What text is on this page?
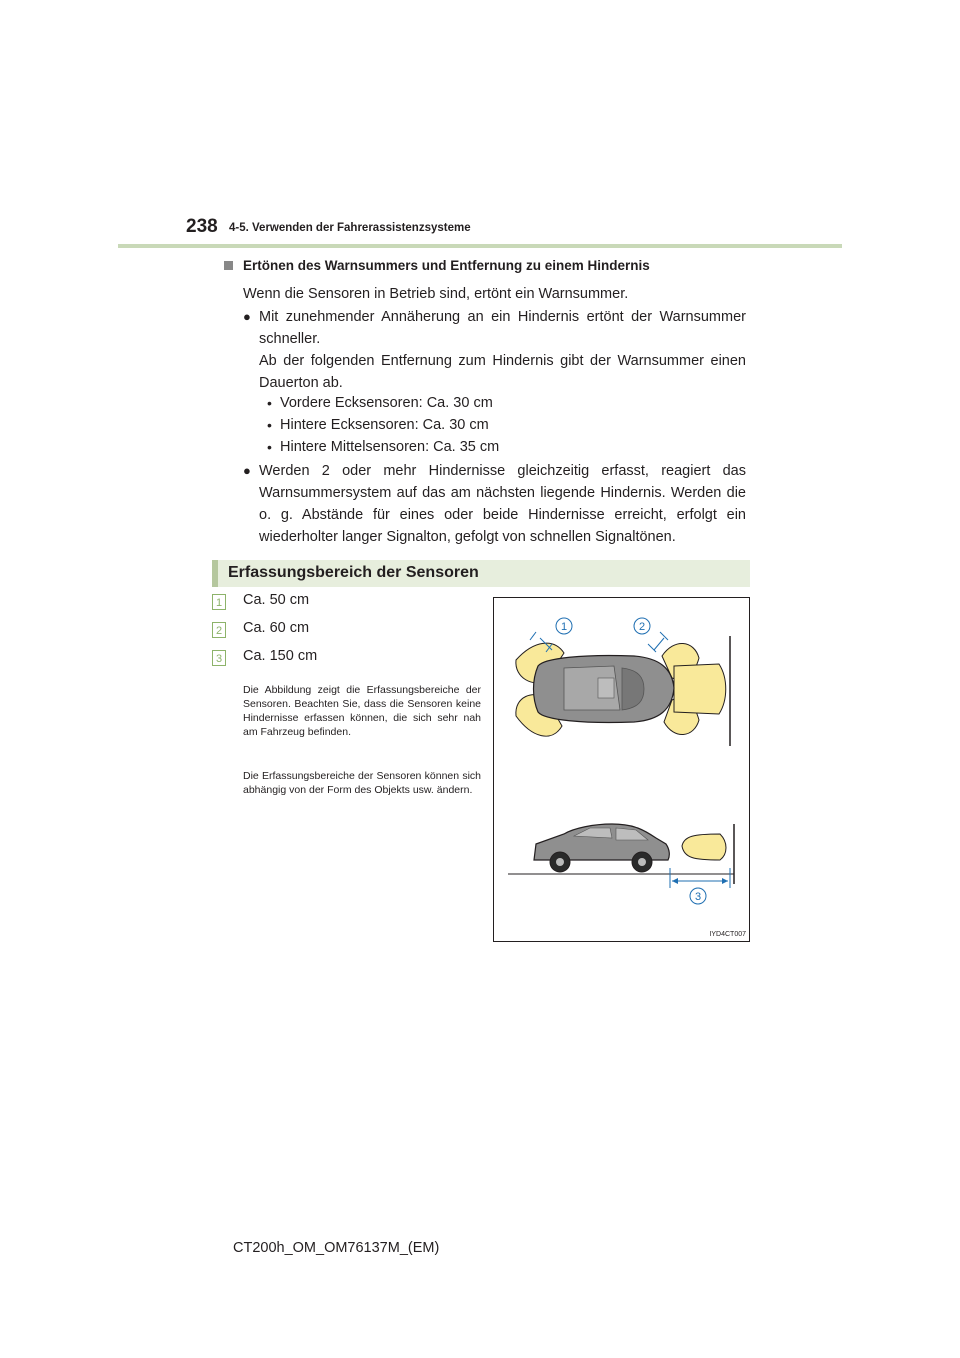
238 4-5. Verwenden der Fahrerassistenzsysteme
Ertönen des Warnsummers und Entfernung zu einem Hindernis
Wenn die Sensoren in Betrieb sind, ertönt ein Warnsummer.
● Mit zunehmender Annäherung an ein Hindernis ertönt der Warnsummer schneller.
Ab der folgenden Entfernung zum Hindernis gibt der Warnsummer einen Dauerton ab.
• Vordere Ecksensoren: Ca. 30 cm
• Hintere Ecksensoren: Ca. 30 cm
• Hintere Mittelsensoren: Ca. 35 cm
● Werden 2 oder mehr Hindernisse gleichzeitig erfasst, reagiert das Warnsummersystem auf das am nächsten liegende Hindernis. Werden die o. g. Abstände für eines oder beide Hindernisse erreicht, erfolgt ein wiederholter langer Signalton, gefolgt von schnellen Signaltönen.
Erfassungsbereich der Sensoren
1 Ca. 50 cm
2 Ca. 60 cm
3 Ca. 150 cm
Die Abbildung zeigt die Erfassungsbereiche der Sensoren. Beachten Sie, dass die Sensoren keine Hindernisse erfassen können, die sich sehr nah am Fahrzeug befinden.
Die Erfassungsbereiche der Sensoren können sich abhängig von der Form des Objekts usw. ändern.
1	2
3
IYD4CT007
CT200h_OM_OM76137M_(EM)
